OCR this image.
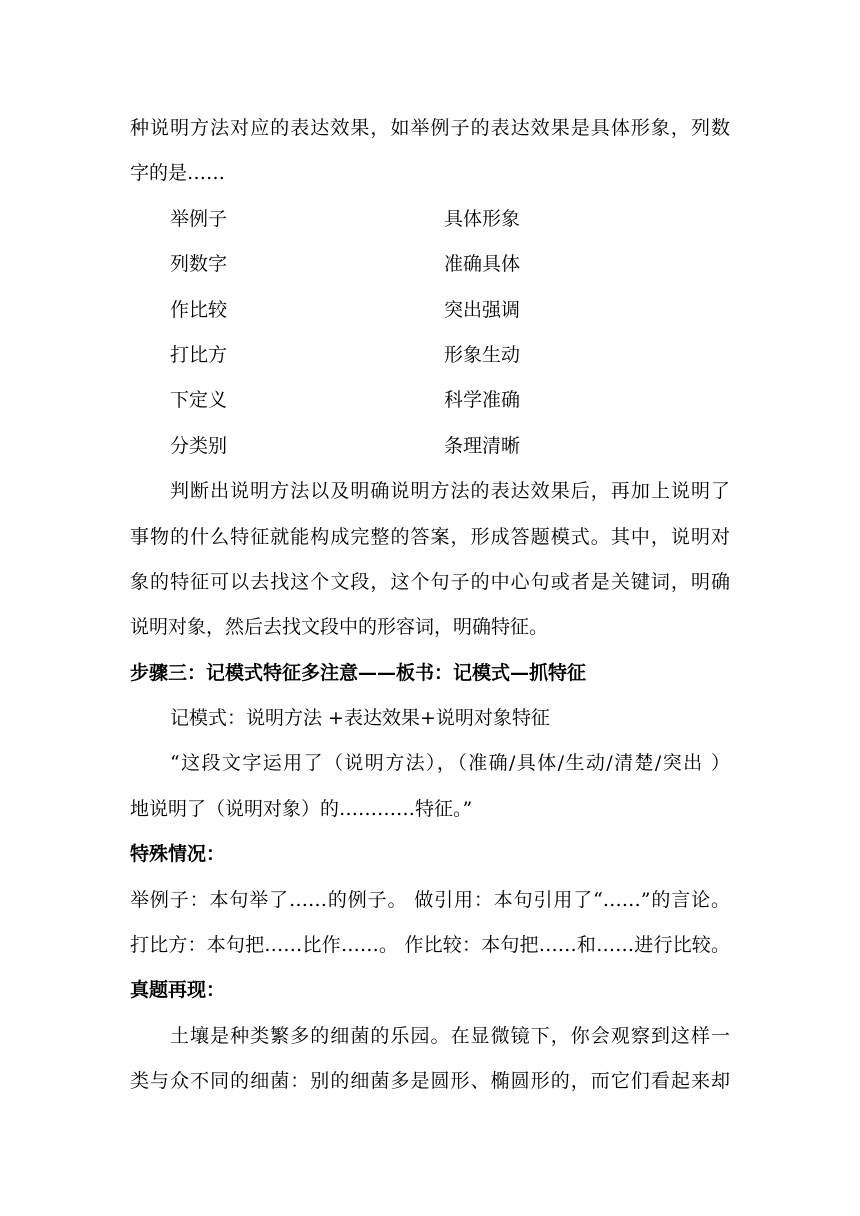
种说明方法对应的表达效果，如举例子的表达效果是具体形象，列数
字的是……
举例子	具体形象
列数字	准确具体
作比较	突出强调
打比方	形象生动
下定义	科学准确
分类别	条理清晰
判断出说明方法以及明确说明方法的表达效果后，再加上说明了
事物的什么特征就能构成完整的答案，形成答题模式。其中，说明对
象的特征可以去找这个文段，这个句子的中心句或者是关键词，明确
说明对象，然后去找文段中的形容词，明确特征。
步骤三：记模式特征多注意——板书：记模式—抓特征
记模式：说明方法 +表达效果+说明对象特征
“这段文字运用了（说明方法），（准确/具体/生动/清楚/突出 ）
地说明了（说明对象）的…………特征。”
特殊情况：
举例子：本句举了……的例子。 做引用：本句引用了“……”的言论。
打比方：本句把……比作……。 作比较：本句把……和……进行比较。
真题再现：
土壤是种类繁多的细菌的乐园。在显微镜下，你会观察到这样一
类与众不同的细菌：别的细菌多是圆形、椭圆形的，而它们看起来却
